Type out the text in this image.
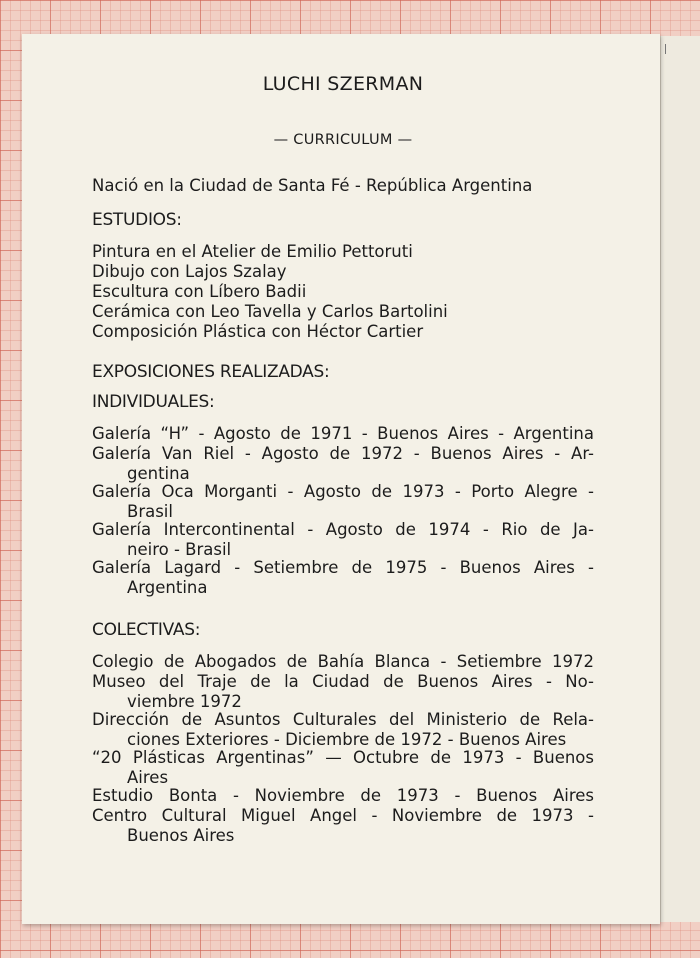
LUCHI SZERMAN
— CURRICULUM —
Nació en la Ciudad de Santa Fé - República Argentina
ESTUDIOS:
Pintura en el Atelier de Emilio Pettoruti
Dibujo con Lajos Szalay
Escultura con Líbero Badii
Cerámica con Leo Tavella y Carlos Bartolini
Composición Plástica con Héctor Cartier
EXPOSICIONES REALIZADAS:
INDIVIDUALES:
Galería “H” - Agosto de 1971 - Buenos Aires - Argentina
Galería Van Riel - Agosto de 1972 - Buenos Aires - Ar-
gentina
Galería Oca Morganti - Agosto de 1973 - Porto Alegre -
Brasil
Galería Intercontinental - Agosto de 1974 - Rio de Ja-
neiro - Brasil
Galería Lagard - Setiembre de 1975 - Buenos Aires -
Argentina
COLECTIVAS:
Colegio de Abogados de Bahía Blanca - Setiembre 1972
Museo del Traje de la Ciudad de Buenos Aires - No-
viembre 1972
Dirección de Asuntos Culturales del Ministerio de Rela-
ciones Exteriores - Diciembre de 1972 - Buenos Aires
“20 Plásticas Argentinas” — Octubre de 1973 - Buenos
Aires
Estudio Bonta - Noviembre de 1973 - Buenos Aires
Centro Cultural Miguel Angel - Noviembre de 1973 -
Buenos Aires
